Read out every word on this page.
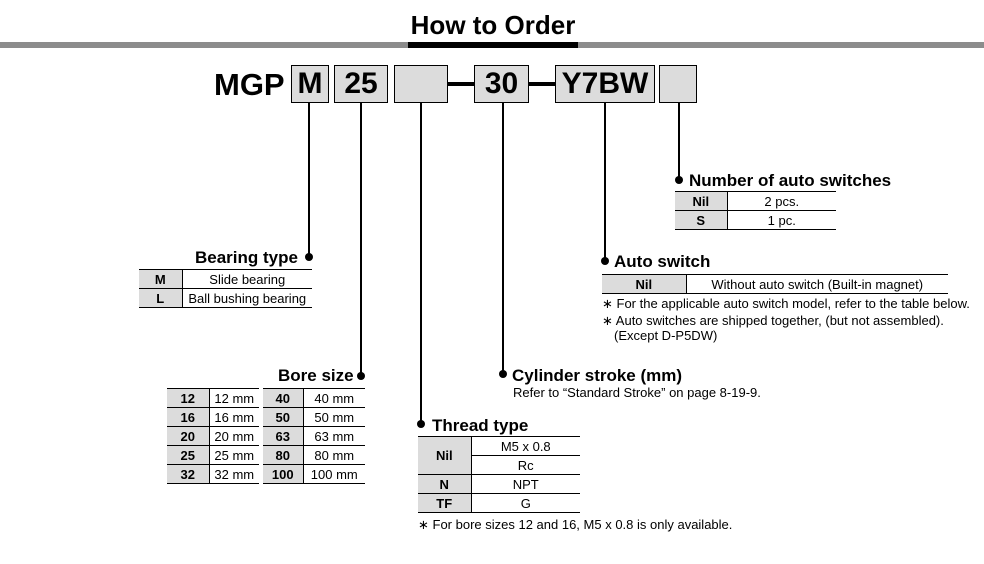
How to Order
MGP M 25	30	Y7BW
Number of auto switches
Nil	2 pcs.
S	1 pc.
Auto switch
Nil	Without auto switch (Built-in magnet)
∗ For the applicable auto switch model, refer to the table below.
∗ Auto switches are shipped together, (but not assembled).
(Except D-P5DW)
Bearing type
M	Slide bearing
L	Ball bushing bearing
Bore size
12	12 mm	40	40 mm
16	16 mm	50	50 mm
20	20 mm	63	63 mm
25	25 mm	80	80 mm
32	32 mm	100	100 mm
Cylinder stroke (mm)
Refer to “Standard Stroke” on page 8-19-9.
Thread type
Nil	M5 x 0.8
	Rc
N	NPT
TF	G
∗ For bore sizes 12 and 16, M5 x 0.8 is only available.
